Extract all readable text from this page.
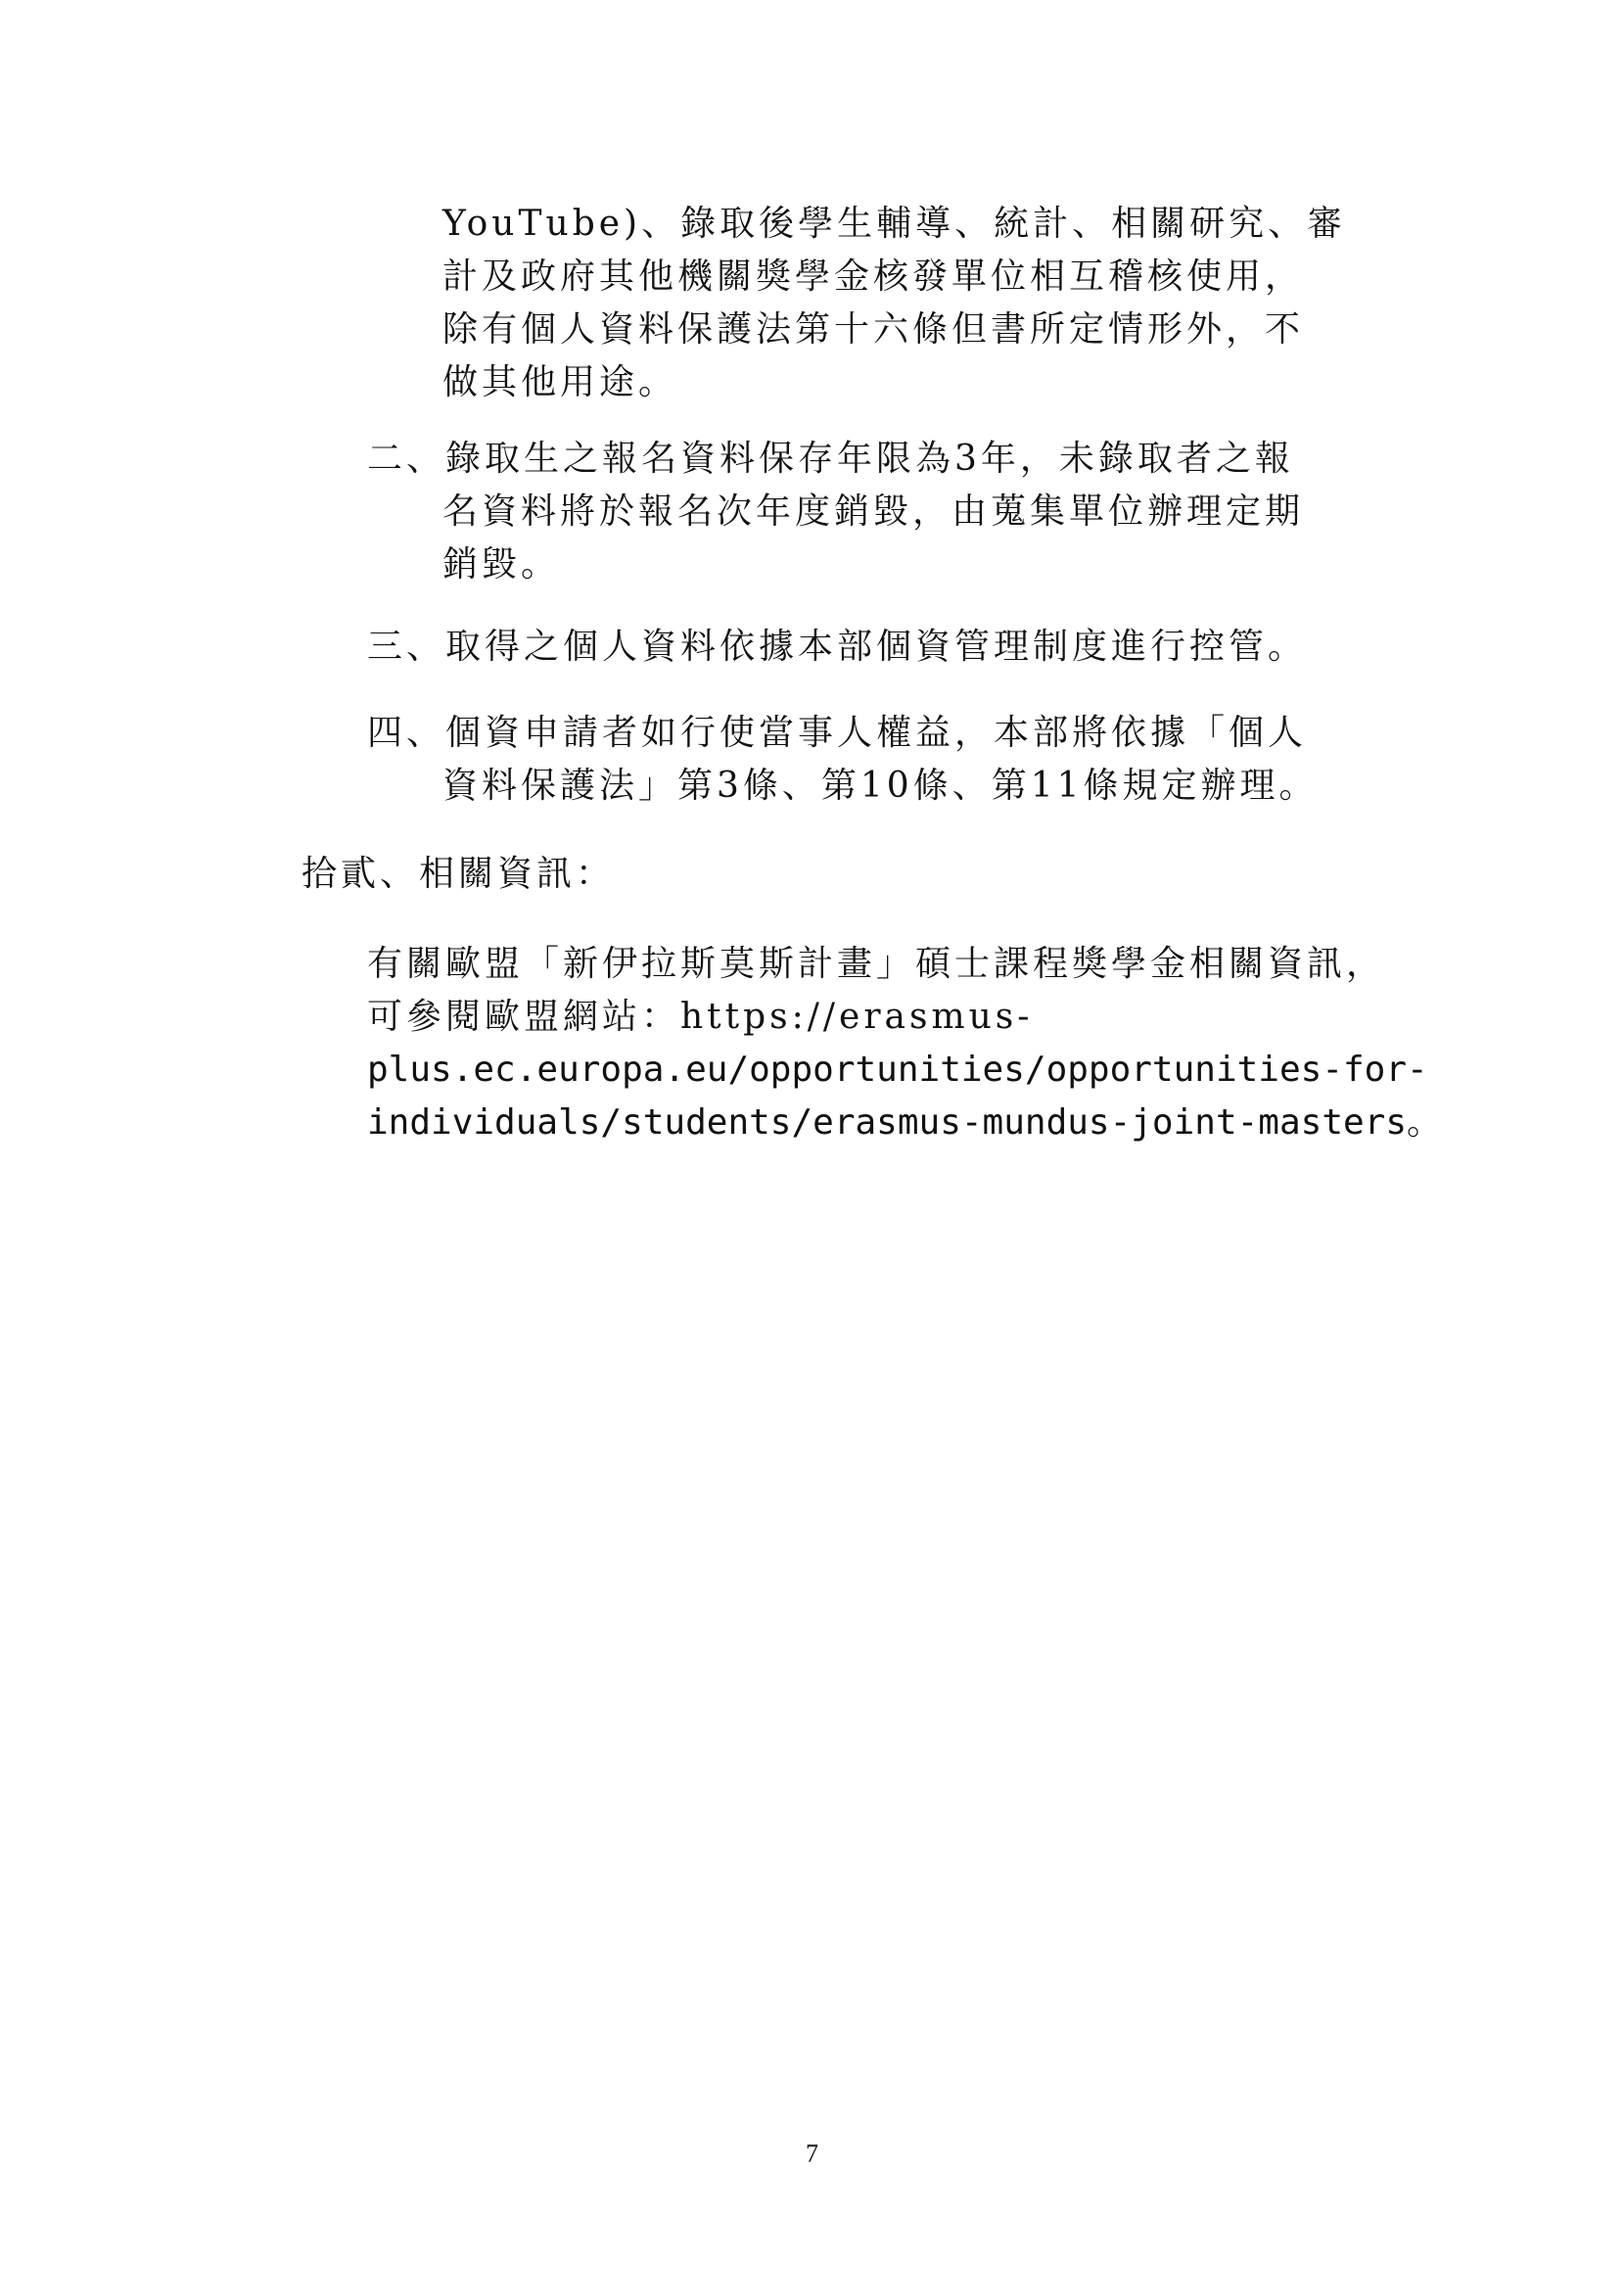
YouTube)、錄取後學生輔導、統計、相關研究、審
計及政府其他機關獎學金核發單位相互稽核使用，
除有個人資料保護法第十六條但書所定情形外，不
做其他用途。
二、錄取生之報名資料保存年限為3年，未錄取者之報
名資料將於報名次年度銷毀，由蒐集單位辦理定期
銷毀。
三、取得之個人資料依據本部個資管理制度進行控管。
四、個資申請者如行使當事人權益，本部將依據「個人
資料保護法」第3條、第10條、第11條規定辦理。
拾貳、相關資訊：
有關歐盟「新伊拉斯莫斯計畫」碩士課程獎學金相關資訊，
可參閱歐盟網站：https://erasmus-
plus.ec.europa.eu/opportunities/opportunities-for-
individuals/students/erasmus-mundus-joint-masters。
7
